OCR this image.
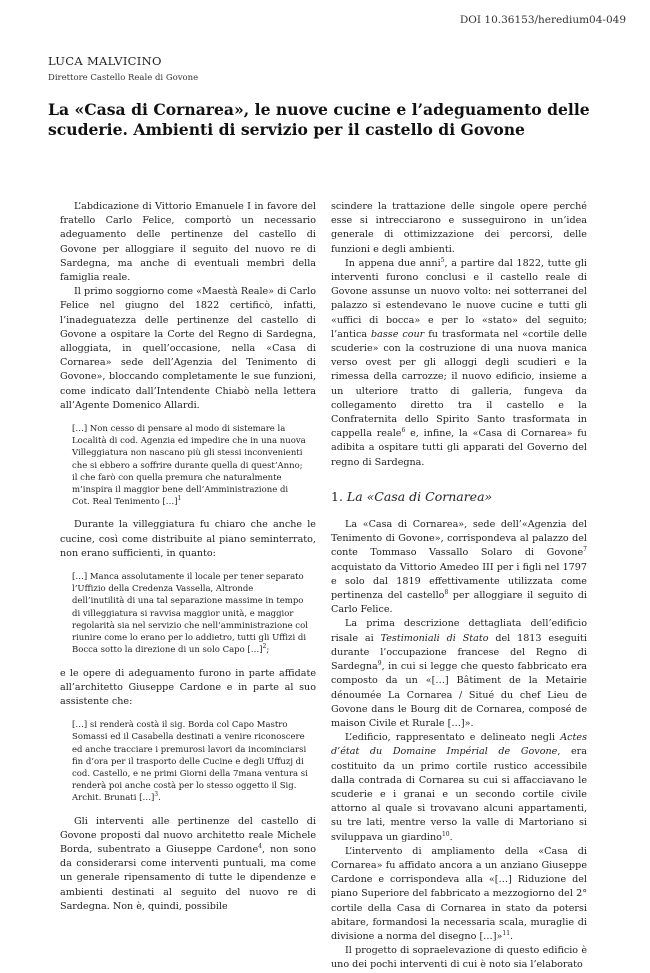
DOI 10.36153/heredium04-049
LUCA MALVICINO
Direttore Castello Reale di Govone
La «Casa di Cornarea», le nuove cucine e l’adeguamento delle scuderie. Ambienti di servizio per il castello di Govone

L’abdicazione di Vittorio Emanuele I in favore del fratello Carlo Felice, comportò un necessario adeguamento delle pertinenze del castello di Govone per alloggiare il seguito del nuovo re di Sardegna, ma anche di eventuali membri della famiglia reale.

Il primo soggiorno come «Maestà Reale» di Carlo Felice nel giugno del 1822 certificò, infatti, l’inadeguatezza delle pertinenze del castello di Govone a ospitare la Corte del Regno di Sardegna, alloggiata, in quell’occasione, nella «Casa di Cornarea» sede dell’Agenzia del Tenimento di Govone», bloccando completamente le sue funzioni, come indicato dall’Intendente Chiabò nella lettera all’Agente Domenico Allardi.

[…] Non cesso di pensare al modo di sistemare la Località di cod. Agenzia ed impedire che in una nuova Villeggiatura non nascano più gli stessi inconvenienti che si ebbero a soffrire durante quella di quest’Anno; il che farò con quella premura che naturalmente m’inspira il maggior bene dell’Amministrazione di Cot. Real Tenimento […]$^1$

Durante la villeggiatura fu chiaro che anche le cucine, così come distribuite al piano seminterrato, non erano sufficienti, in quanto:

[…] Manca assolutamente il locale per tener separato l’Uffizio della Credenza Vassella, Altronde dell’inutilità di una tal separazione massime in tempo di villeggiatura si ravvisa maggior unità, e maggior regolarità sia nel servizio che nell’amministrazione col riunire come lo erano per lo addietro, tutti gli Uffizi di Bocca sotto la direzione di un solo Capo […]$^2$;

e le opere di adeguamento furono in parte affidate all’architetto Giuseppe Cardone e in parte al suo assistente che:

[…] si renderà costà il sig. Borda col Capo Mastro Somassi ed il Casabella destinati a venire riconoscere ed anche tracciare i premurosi lavori da incominciarsi fin d’ora per il trasporto delle Cucine e degli Uffuzj di cod. Castello, e ne primi Giorni della 7mana ventura si renderà poi anche costà per lo stesso oggetto il Sig. Archit. Brunati […]$^3$.

Gli interventi alle pertinenze del castello di Govone proposti dal nuovo architetto reale Michele Borda, subentrato a Giuseppe Cardone$^4$, non sono da considerarsi come interventi puntuali, ma come un generale ripensamento di tutte le dipendenze e ambienti destinati al seguito del nuovo re di Sardegna. Non è, quindi, possibile

scindere la trattazione delle singole opere perché esse si intrecciarono e susseguirono in un’idea generale di ottimizzazione dei percorsi, delle funzioni e degli ambienti.

In appena due anni$^5$, a partire dal 1822, tutte gli interventi furono conclusi e il castello reale di Govone assunse un nuovo volto: nei sotterranei del palazzo si estendevano le nuove cucine e tutti gli «uffici di bocca» e per lo «stato» del seguito; l’antica basse cour fu trasformata nel «cortile delle scuderie» con la costruzione di una nuova manica verso ovest per gli alloggi degli scudieri e la rimessa della carrozze; il nuovo edificio, insieme a un ulteriore tratto di galleria, fungeva da collegamento diretto tra il castello e la Confraternita dello Spirito Santo trasformata in cappella reale$^6$ e, infine, la «Casa di Cornarea» fu adibita a ospitare tutti gli apparati del Governo del regno di Sardegna.

1. La «Casa di Cornarea»

La «Casa di Cornarea», sede dell’«Agenzia del Tenimento di Govone», corrispondeva al palazzo del conte Tommaso Vassallo Solaro di Govone$^7$ acquistato da Vittorio Amedeo III per i figli nel 1797 e solo dal 1819 effettivamente utilizzata come pertinenza del castello$^8$ per alloggiare il seguito di Carlo Felice.

La prima descrizione dettagliata dell’edificio risale ai Testimoniali di Stato del 1813 eseguiti durante l’occupazione francese del Regno di Sardegna$^9$, in cui si legge che questo fabbricato era composto da un «[…] Bâtiment de la Metairie dénoumée La Cornarea / Situé du chef Lieu de Govone dans le Bourg dit de Cornarea, composé de maison Civile et Rurale […]».

L’edificio, rappresentato e delineato negli Actes d’état du Domaine Impérial de Govone, era costituito da un primo cortile rustico accessibile dalla contrada di Cornarea su cui si affacciavano le scuderie e i granai e un secondo cortile civile attorno al quale si trovavano alcuni appartamenti, su tre lati, mentre verso la valle di Martoriano si sviluppava un giardino$^{10}$.

L’intervento di ampliamento della «Casa di Cornarea» fu affidato ancora a un anziano Giuseppe Cardone e corrispondeva alla «[…] Riduzione del piano Superiore del fabbricato a mezzogiorno del 2° cortile della Casa di Cornarea in stato da potersi abitare, formandosi la necessaria scala, muraglie di divisione a norma del disegno […]»$^{11}$.

Il progetto di sopraelevazione di questo edificio è uno dei pochi interventi di cui è noto sia l’elaborato
